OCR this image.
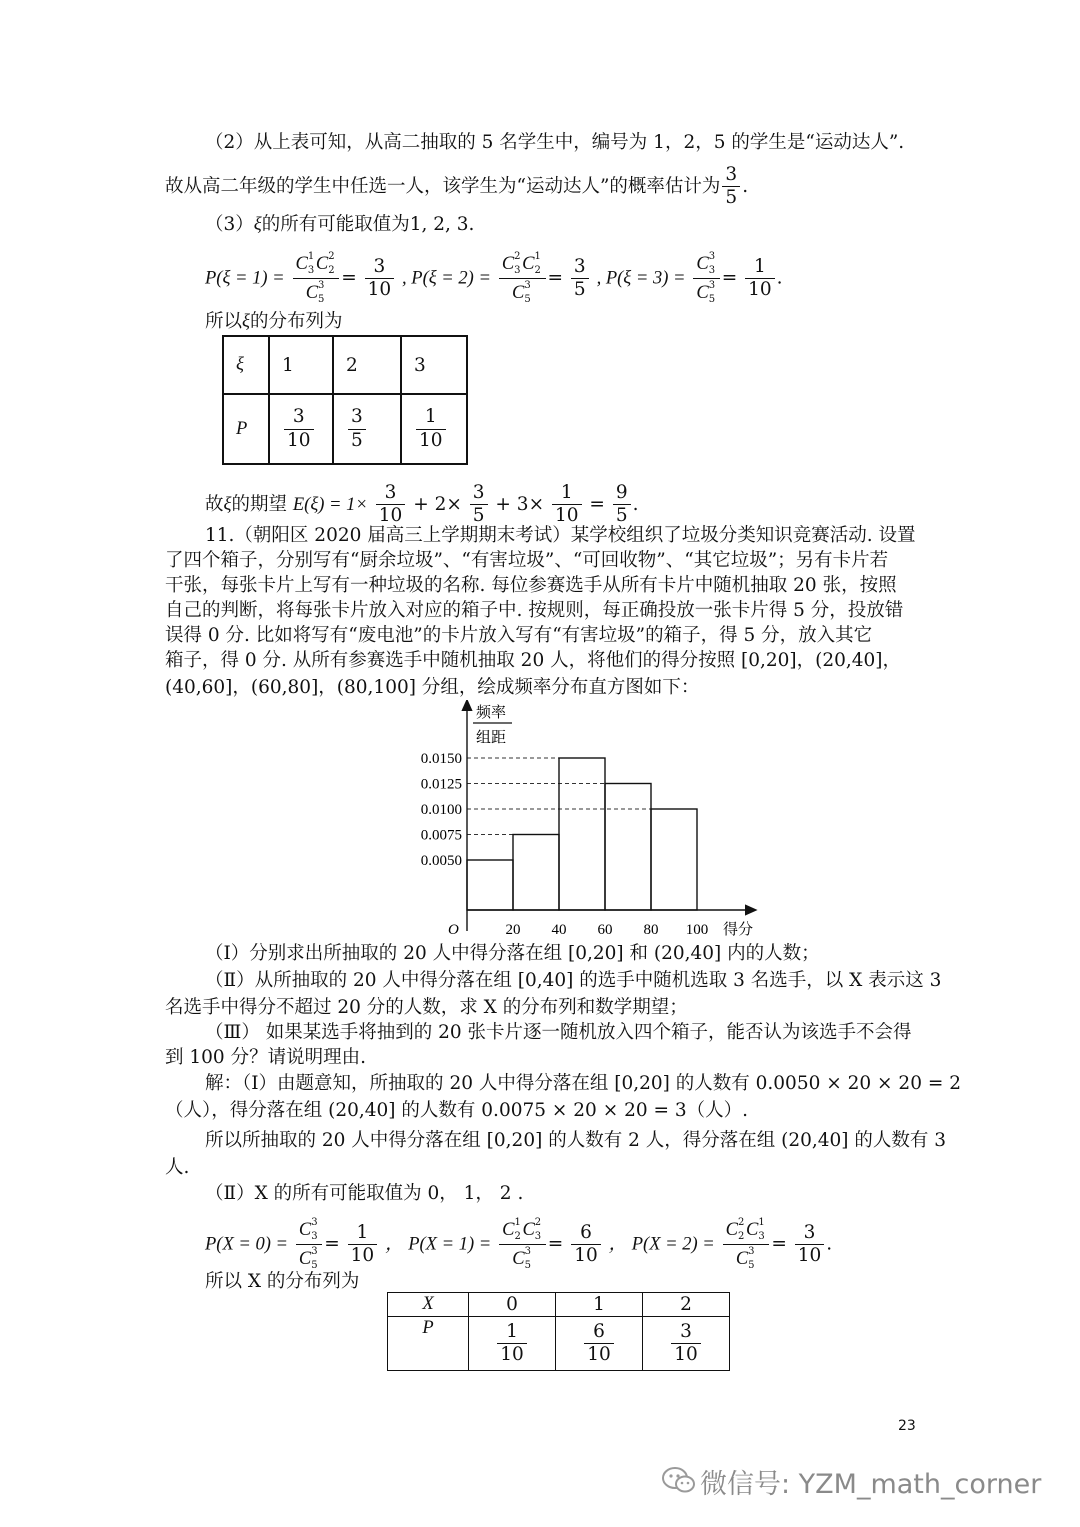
（2）从上表可知，从高二抽取的 5 名学生中，编号为 1，2，5 的学生是“运动达人”.
故从高二年级的学生中任选一人，该学生为“运动达人”的概率估计为 $\frac{3}{5}$ .
（3）ξ的所有可能取值为1, 2, 3.
P(ξ = 1) = C 1
3 C 2
2
C 3
$5 = \frac{3}{10}$ , P(ξ = 2) = C 2
3 C 1
2
C 3
$5 = \frac{3}{5}$ , P(ξ = 3) = C 3
3
C 3
$5 = \frac{1}{10}$ .
所以ξ的分布列为
ξ	1	2	3
P	$\frac{3}{10}$	$\frac{3}{5}$	$\frac{1}{10}$
故ξ的期望 $E(\xi) = 1\times \frac{3}{10} + 2\times \frac{3}{5} + 3\times \frac{1}{10} = \frac{9}{5}$ .
11.（朝阳区 2020 届高三上学期期末考试）某学校组织了垃圾分类知识竞赛活动. 设置
了四个箱子，分别写有“厨余垃圾”、“有害垃圾”、“可回收物”、“其它垃圾”；另有卡片若
干张，每张卡片上写有一种垃圾的名称. 每位参赛选手从所有卡片中随机抽取 20 张，按照
自己的判断，将每张卡片放入对应的箱子中. 按规则，每正确投放一张卡片得 5 分，投放错
误得 0 分. 比如将写有“废电池”的卡片放入写有“有害垃圾”的箱子，得 5 分，放入其它
箱子，得 0 分. 从所有参赛选手中随机抽取 20 人，将他们的得分按照 [0,20]，(20,40]，
(40,60]，(60,80]，(80,100] 分组，绘成频率分布直方图如下：
频率
组距
O	得分
0.0150
0.0125
0.0100
0.0075
0.0050
20 40 60 80 100
（Ⅰ）分别求出所抽取的 20 人中得分落在组 [0,20] 和 (20,40] 内的人数；
（Ⅱ）从所抽取的 20 人中得分落在组 [0,40] 的选手中随机选取 3 名选手，以 X 表示这 3
名选手中得分不超过 20 分的人数，求 X 的分布列和数学期望；
（Ⅲ） 如果某选手将抽到的 20 张卡片逐一随机放入四个箱子，能否认为该选手不会得
到 100 分？请说明理由.
解：（Ⅰ）由题意知，所抽取的 20 人中得分落在组 [0,20] 的人数有 0.0050 × 20 × 20 = 2
（人），得分落在组 (20,40] 的人数有 0.0075 × 20 × 20 = 3（人）.
所以所抽取的 20 人中得分落在组 [0,20] 的人数有 2 人，得分落在组 (20,40] 的人数有 3
人.
（Ⅱ）X 的所有可能取值为 0， 1， 2 .
P(X = 0) = C 3
3
C 3
$5 = \frac{1}{10}$ ， P(X = 1) = C 1
2 C 2
3
C 3
$5 = \frac{6}{10}$ ， P(X = 2) = C 2
2 C 1
3
C 3
$5 = \frac{3}{10}$ .
所以 X 的分布列为
X	0	1	2
P	$\frac{1}{10}$	$\frac{6}{10}$	$\frac{3}{10}$
23
微信号: YZM_math_corner
